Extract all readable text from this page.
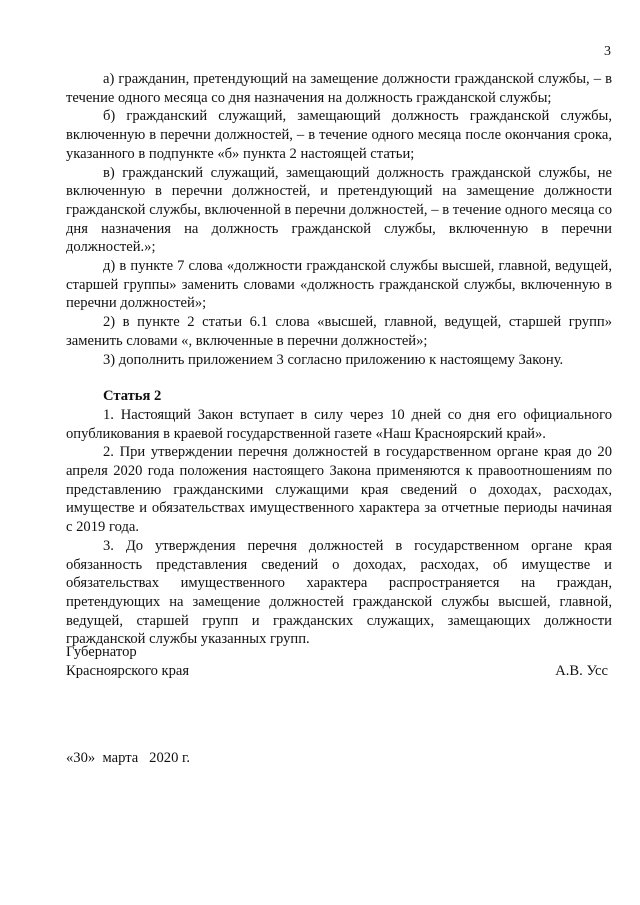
3

а) гражданин, претендующий на замещение должности гражданской службы, – в течение одного месяца со дня назначения на должность гражданской службы;

б) гражданский служащий, замещающий должность гражданской службы, включенную в перечни должностей, – в течение одного месяца после окончания срока, указанного в подпункте «б» пункта 2 настоящей статьи;

в) гражданский служащий, замещающий должность гражданской службы, не включенную в перечни должностей, и претендующий на замещение должности гражданской службы, включенной в перечни должностей, – в течение одного месяца со дня назначения на должность гражданской службы, включенную в перечни должностей.»;

д) в пункте 7 слова «должности гражданской службы высшей, главной, ведущей, старшей группы» заменить словами «должность гражданской службы, включенную в перечни должностей»;

2) в пункте 2 статьи 6.1 слова «высшей, главной, ведущей, старшей групп» заменить словами «, включенные в перечни должностей»;

3) дополнить приложением 3 согласно приложению к настоящему Закону.

Статья 2

1. Настоящий Закон вступает в силу через 10 дней со дня его официального опубликования в краевой государственной газете «Наш Красноярский край».

2. При утверждении перечня должностей в государственном органе края до 20 апреля 2020 года положения настоящего Закона применяются к правоотношениям по представлению гражданскими служащими края сведений о доходах, расходах, имуществе и обязательствах имущественного характера за отчетные периоды начиная с 2019 года.

3. До утверждения перечня должностей в государственном органе края обязанность представления сведений о доходах, расходах, об имуществе и обязательствах имущественного характера распространяется на граждан, претендующих на замещение должностей гражданской службы высшей, главной, ведущей, старшей групп и гражданских служащих, замещающих должности гражданской службы указанных групп.

Губернатор
Красноярского края	А.В. Усс
«30»  марта   2020 г.
